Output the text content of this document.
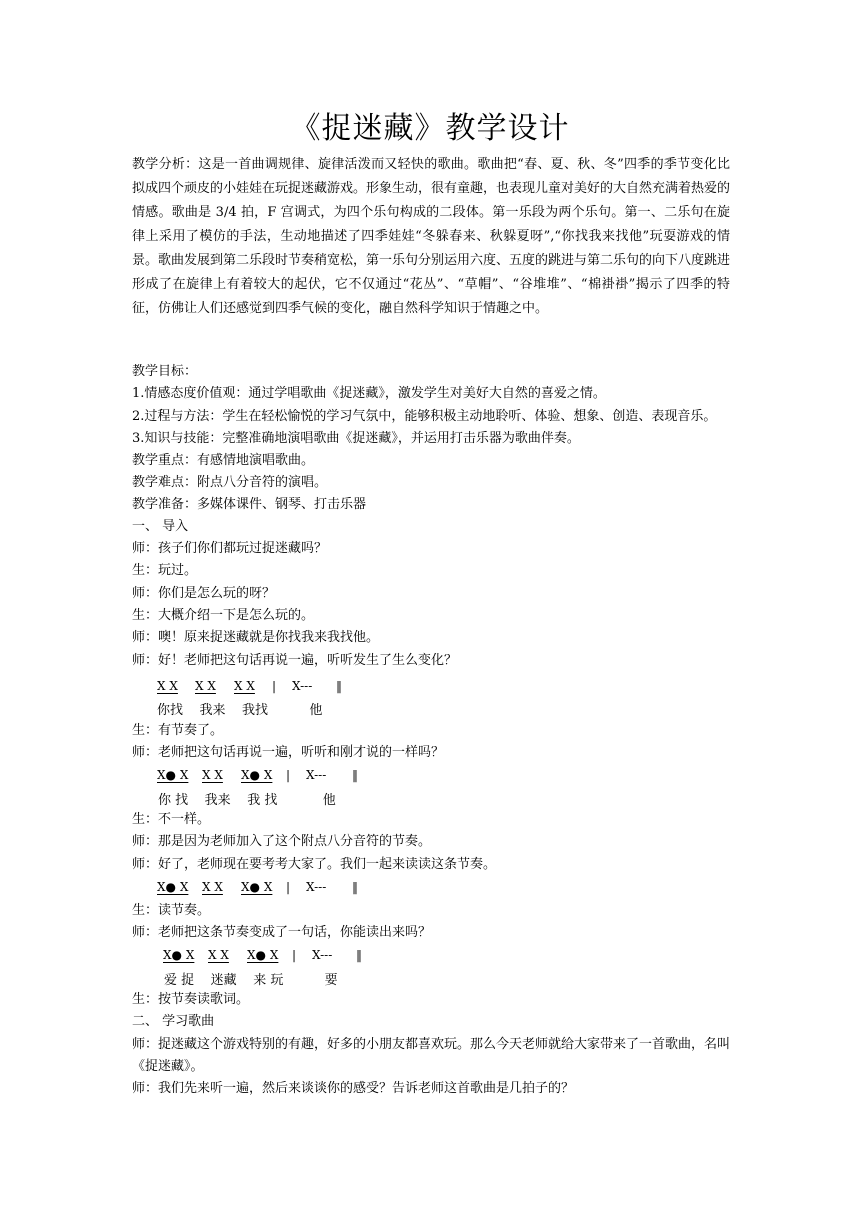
《捉迷藏》教学设计
教学分析：这是一首曲调规律、旋律活泼而又轻快的歌曲。歌曲把“春、夏、秋、冬”四季的季节变化比拟成四个顽皮的小娃娃在玩捉迷藏游戏。形象生动，很有童趣，也表现儿童对美好的大自然充满着热爱的情感。歌曲是 3/4 拍，F 宫调式，为四个乐句构成的二段体。第一乐段为两个乐句。第一、二乐句在旋律上采用了模仿的手法，生动地描述了四季娃娃“冬躲春来、秋躲夏呀”,“你找我来找他”玩耍游戏的情景。歌曲发展到第二乐段时节奏稍宽松，第一乐句分别运用六度、五度的跳进与第二乐句的向下八度跳进形成了在旋律上有着较大的起伏，它不仅通过“花丛”、“草帽”、“谷堆堆”、“棉褂褂”揭示了四季的特征，仿佛让人们还感觉到四季气候的变化，融自然科学知识于情趣之中。
教学目标：
1.情感态度价值观：通过学唱歌曲《捉迷藏》，激发学生对美好大自然的喜爱之情。
2.过程与方法：学生在轻松愉悦的学习气氛中，能够积极主动地聆听、体验、想象、创造、表现音乐。
3.知识与技能：完整准确地演唱歌曲《捉迷藏》，并运用打击乐器为歌曲伴奏。
教学重点：有感情地演唱歌曲。
教学难点：附点八分音符的演唱。
教学准备：多媒体课件、钢琴、打击乐器
一、 导入
师：孩子们你们都玩过捉迷藏吗？
生：玩过。
师：你们是怎么玩的呀？
生：大概介绍一下是怎么玩的。
师：噢！原来捉迷藏就是你找我来我找他。
师：好！老师把这句话再说一遍，听听发生了生么变化？
X X X X X X | X--- ‖
你找    我来    我找          他
生：有节奏了。
师：老师把这句话再说一遍，听听和刚才说的一样吗？
X● X X X X● X | X--- ‖
你 找    我来    我 找           他
生：不一样。
师：那是因为老师加入了这个附点八分音符的节奏。
师：好了，老师现在要考考大家了。我们一起来读读这条节奏。
X● X X X X● X | X--- ‖
生：读节奏。
师：老师把这条节奏变成了一句话，你能读出来吗？
X● X X X X● X | X--- ‖
爱 捉    迷藏    来 玩          要
生：按节奏读歌词。
二、 学习歌曲
师：捉迷藏这个游戏特别的有趣，好多的小朋友都喜欢玩。那么今天老师就给大家带来了一首歌曲，名叫
《捉迷藏》。
师：我们先来听一遍，然后来谈谈你的感受？告诉老师这首歌曲是几拍子的？
